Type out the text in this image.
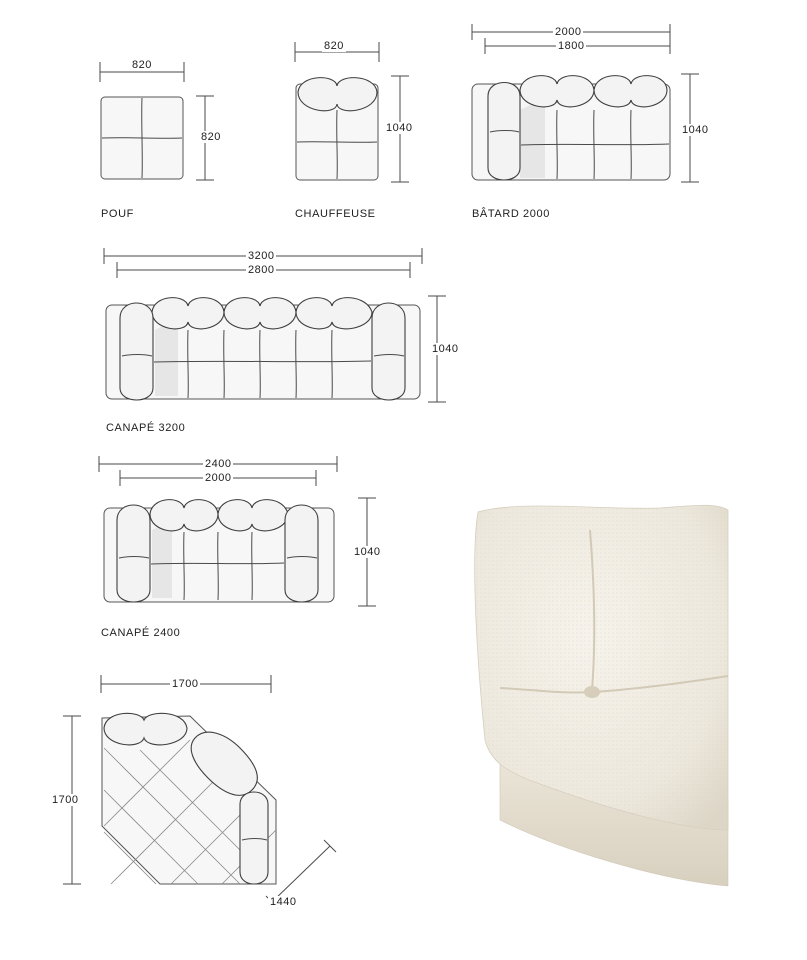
820
820
POUF
820
1040
CHAUFFEUSE
2000
1800
1040
BÂTARD 2000
3200
2800
1040
CANAPÉ 3200
2400
2000
1040
CANAPÉ 2400
1700
1700
1440
